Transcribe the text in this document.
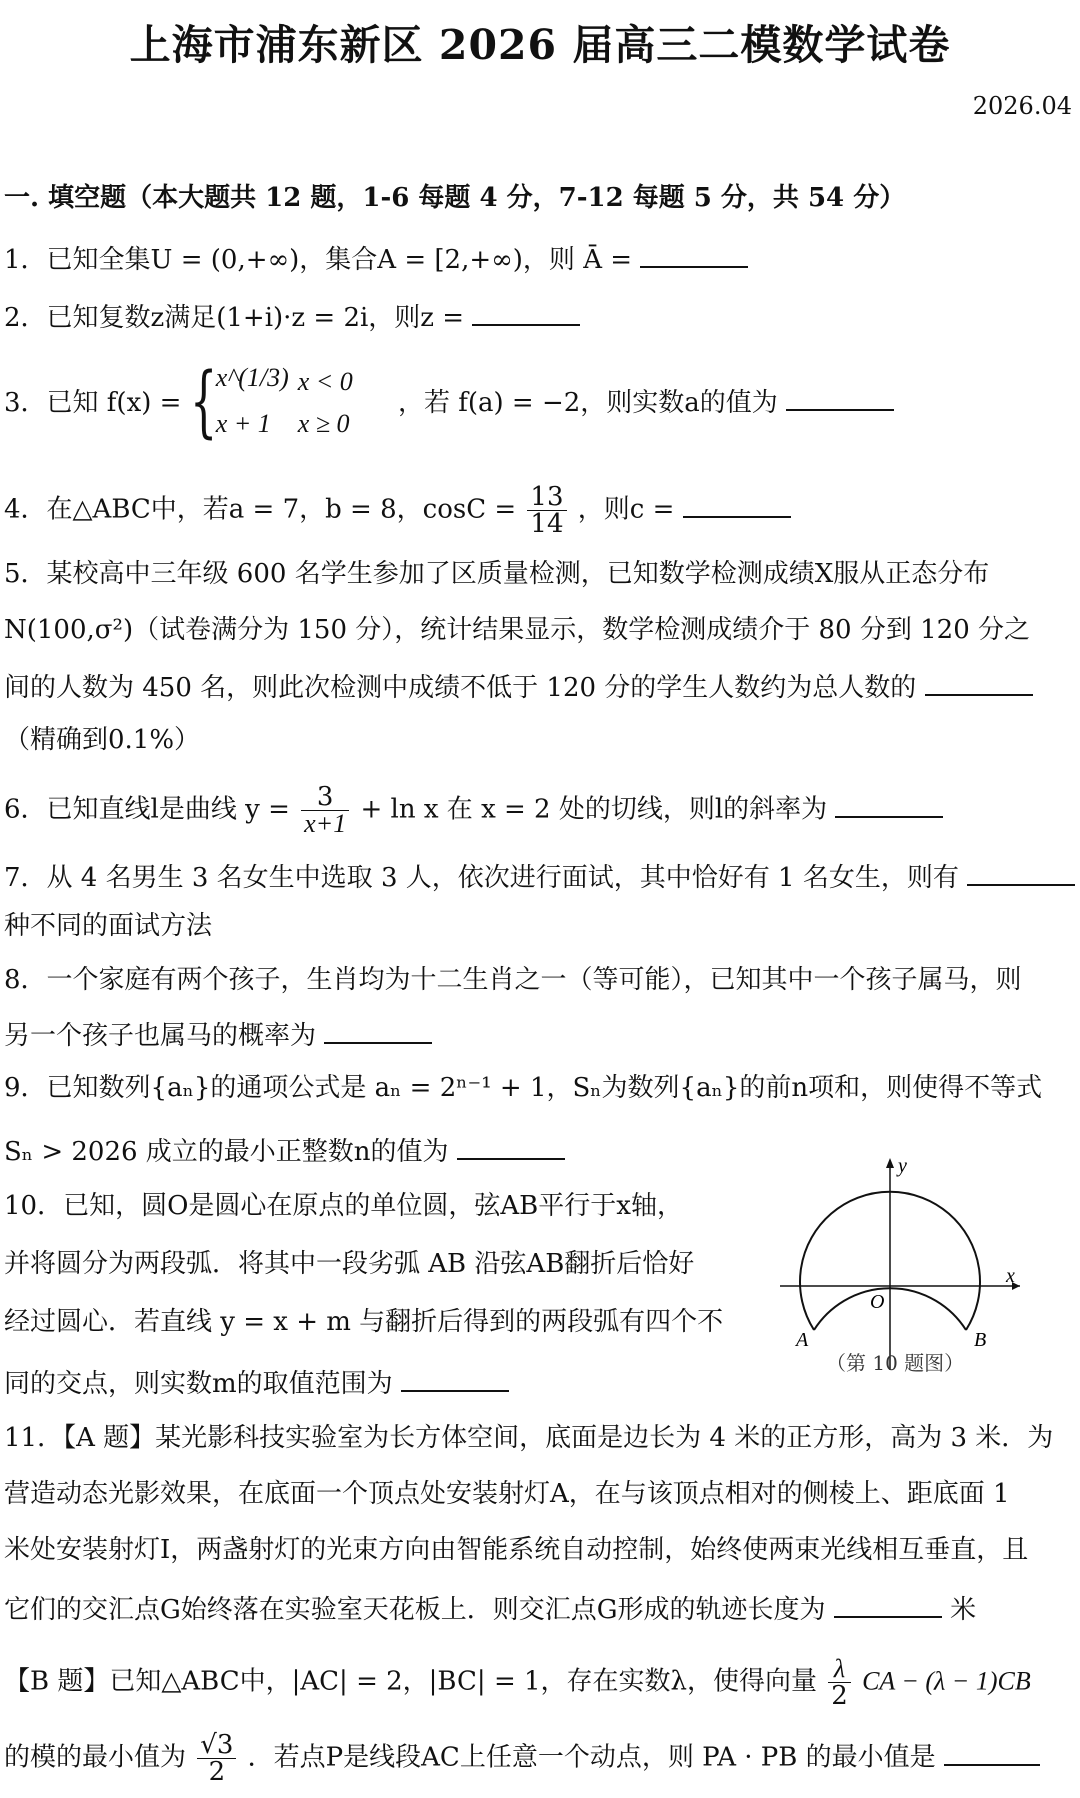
上海市浦东新区 2026 届高三二模数学试卷
2026.04
一. 填空题（本大题共 12 题，1-6 每题 4 分，7-12 每题 5 分，共 54 分）
1．已知全集U = (0,+∞)，集合A = [2,+∞)，则 Ā =
2．已知复数z满足(1+i)·z = 2i，则z =
3．已知 f(x) = {
x^(1/3) x < 0
x + 1 x ≥ 0
，若 f(a) = −2，则实数a的值为
4．在△ABC中，若a = 7，b = 8，$\cos C = \frac{13}{14}$ ，则c =
5．某校高中三年级 600 名学生参加了区质量检测，已知数学检测成绩X服从正态分布
N(100,σ²)（试卷满分为 150 分），统计结果显示，数学检测成绩介于 80 分到 120 分之
间的人数为 450 名，则此次检测中成绩不低于 120 分的学生人数约为总人数的
（精确到0.1%）
6．已知直线l是曲线 $y = \frac{3}{x+1} + \ln x$ 在 x = 2 处的切线，则l的斜率为
7．从 4 名男生 3 名女生中选取 3 人，依次进行面试，其中恰好有 1 名女生，则有
种不同的面试方法
8．一个家庭有两个孩子，生肖均为十二生肖之一（等可能），已知其中一个孩子属马，则
另一个孩子也属马的概率为
9．已知数列{aₙ}的通项公式是 aₙ = 2ⁿ⁻¹ + 1，Sₙ为数列{aₙ}的前n项和，则使得不等式
Sₙ > 2026 成立的最小正整数n的值为
10．已知，圆O是圆心在原点的单位圆，弦AB平行于x轴，
并将圆分为两段弧．将其中一段劣弧 AB 沿弦AB翻折后恰好
经过圆心．若直线 y = x + m 与翻折后得到的两段弧有四个不
同的交点，则实数m的取值范围为
y
x
O
A	B
（第 10 题图）
11．【A 题】某光影科技实验室为长方体空间，底面是边长为 4 米的正方形，高为 3 米．为
营造动态光影效果，在底面一个顶点处安装射灯A，在与该顶点相对的侧棱上、距底面 1
米处安装射灯I，两盏射灯的光束方向由智能系统自动控制，始终使两束光线相互垂直，且
它们的交汇点G始终落在实验室天花板上．则交汇点G形成的轨迹长度为	米
【B 题】已知△ABC中，|AC| = 2，|BC| = 1，存在实数λ，使得向量 $\frac{\lambda}{2}$ CA − (λ − 1)CB
的模的最小值为 $\frac{√3}{2}$ ．若点P是线段AC上任意一个动点，则 PA · PB 的最小值是
